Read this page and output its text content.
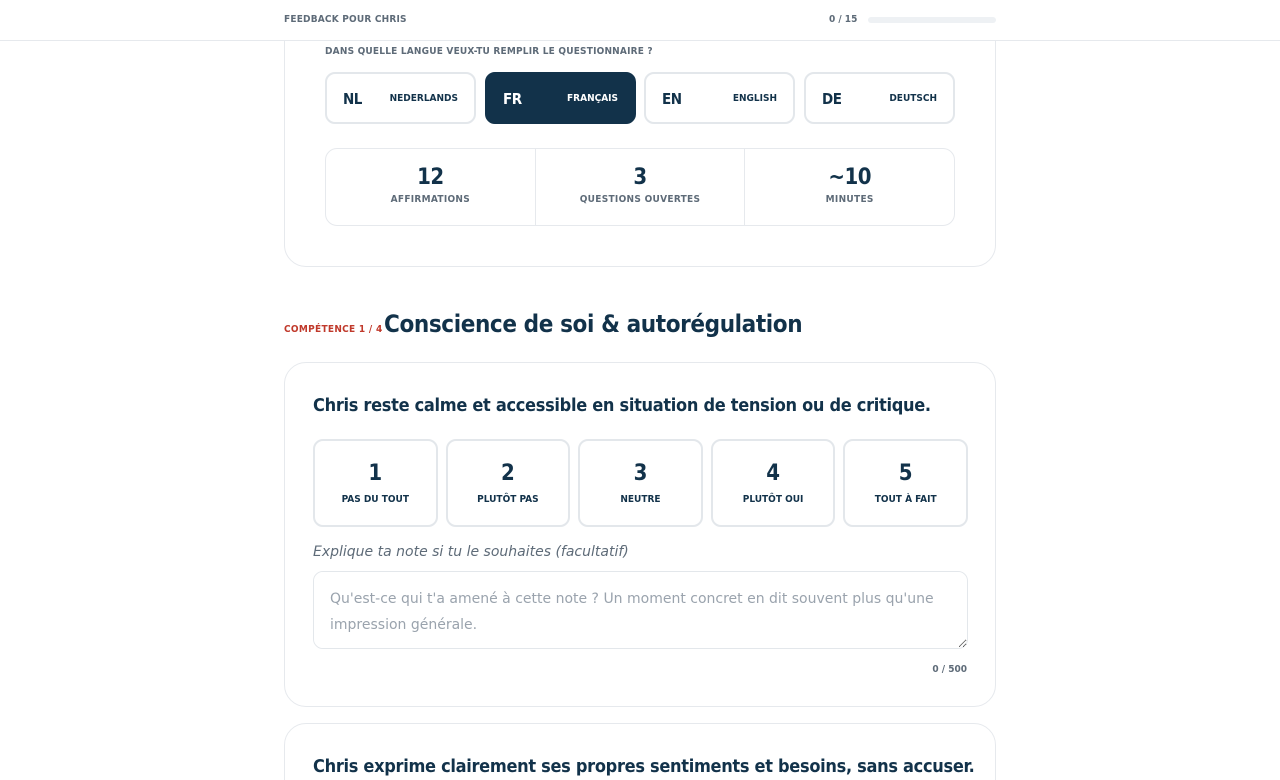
FEEDBACK POUR CHRIS	0 / 15
DANS QUELLE LANGUE VEUX-TU REMPLIR LE QUESTIONNAIRE ?
NL	NEDERLANDS	FR	FRANÇAIS	EN	ENGLISH	DE	DEUTSCH
12
AFFIRMATIONS
3
QUESTIONS OUVERTES
~10
MINUTES
COMPÉTENCE 1 / 4 Conscience de soi & autorégulation
Chris reste calme et accessible en situation de tension ou de critique.
1
PAS DU TOUT
2
PLUTÔT PAS
3
NEUTRE
4
PLUTÔT OUI
5
TOUT À FAIT
Explique ta note si tu le souhaites (facultatif)
Qu'est-ce qui t'a amené à cette note ? Un moment concret en dit souvent plus qu'une impression générale.
0 / 500
Chris exprime clairement ses propres sentiments et besoins, sans accuser.
